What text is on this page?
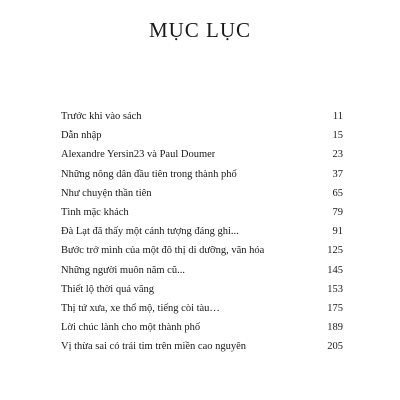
MỤC LỤC
Trước khi vào sách	11
Dẫn nhập	15
Alexandre Yersin23 và Paul Doumer	23
Những nông dân đầu tiên trong thành phố	37
Như chuyện thần tiên	65
Tình mặc khách	79
Đà Lạt đã thấy một cảnh tượng đáng ghi...	91
Bước trở mình của một đô thị di dưỡng, văn hóa	125
Những người muôn năm cũ...	145
Thiết lộ thời quá vãng	153
Thị tứ xưa, xe thổ mộ, tiếng còi tàu…	175
Lời chúc lành cho một thành phố	189
Vị thừa sai có trái tim trên miền cao nguyên	205
